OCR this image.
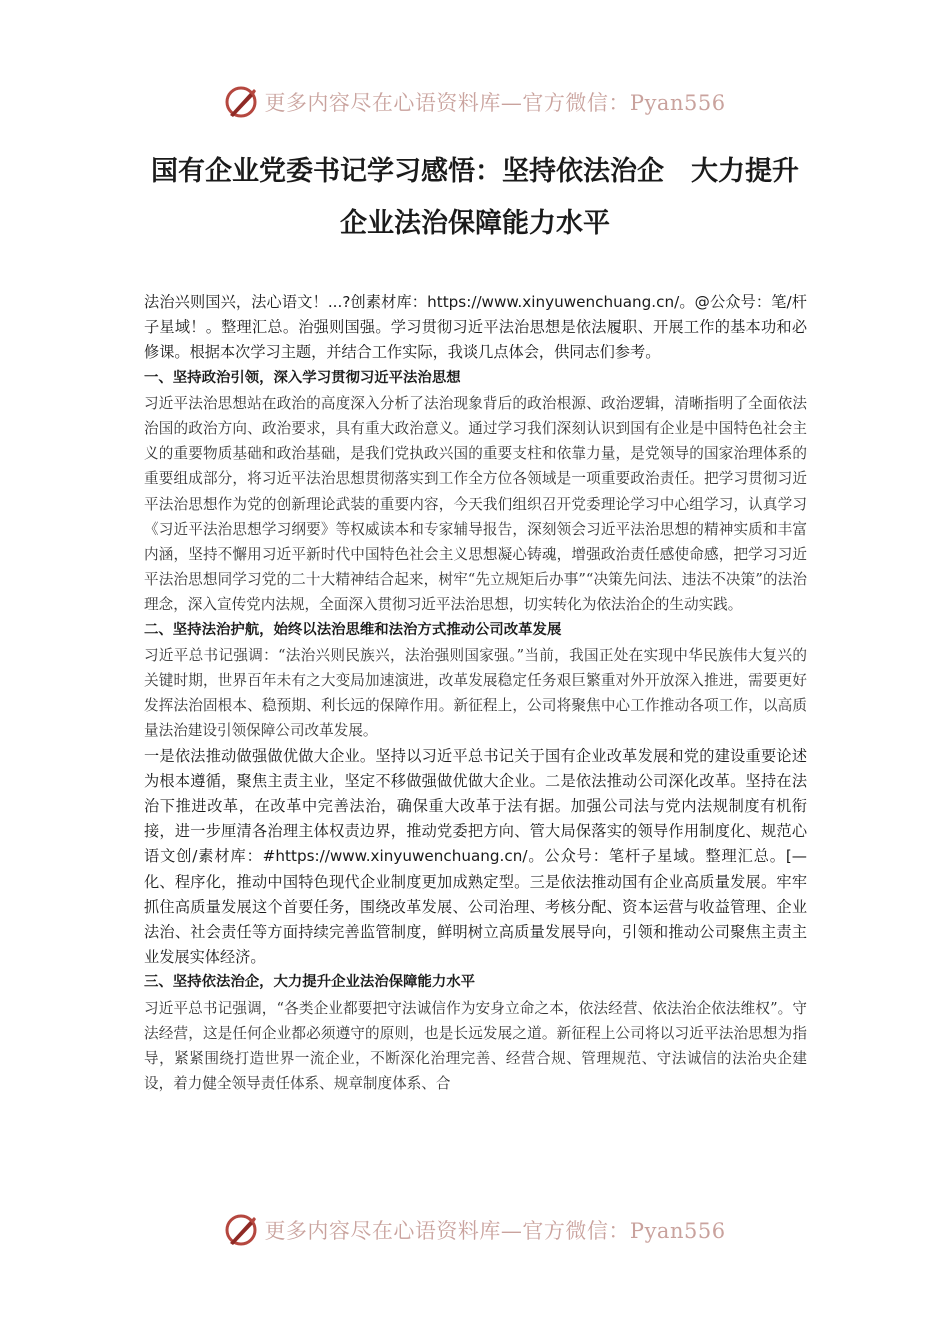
更多内容尽在心语资料库—官方微信：Pyan556
国有企业党委书记学习感悟：坚持依法治企　大力提升企业法治保障能力水平

法治兴则国兴，法心语文！...?创素材库：https://www.xinyuwenchuang.cn/。@公众号：笔/杆子星域！。整理汇总。治强则国强。学习贯彻习近平法治思想是依法履职、开展工作的基本功和必修课。根据本次学习主题，并结合工作实际，我谈几点体会，供同志们参考。

一、坚持政治引领，深入学习贯彻习近平法治思想

习近平法治思想站在政治的高度深入分析了法治现象背后的政治根源、政治逻辑，清晰指明了全面依法治国的政治方向、政治要求，具有重大政治意义。通过学习我们深刻认识到国有企业是中国特色社会主义的重要物质基础和政治基础，是我们党执政兴国的重要支柱和依靠力量，是党领导的国家治理体系的重要组成部分，将习近平法治思想贯彻落实到工作全方位各领域是一项重要政治责任。把学习贯彻习近平法治思想作为党的创新理论武装的重要内容，今天我们组织召开党委理论学习中心组学习，认真学习《习近平法治思想学习纲要》等权威读本和专家辅导报告，深刻领会习近平法治思想的精神实质和丰富内涵，坚持不懈用习近平新时代中国特色社会主义思想凝心铸魂，增强政治责任感使命感，把学习习近平法治思想同学习党的二十大精神结合起来，树牢“先立规矩后办事”“决策先问法、违法不决策”的法治理念，深入宣传党内法规，全面深入贯彻习近平法治思想，切实转化为依法治企的生动实践。

二、坚持法治护航，始终以法治思维和法治方式推动公司改革发展

习近平总书记强调：“法治兴则民族兴，法治强则国家强。”当前，我国正处在实现中华民族伟大复兴的关键时期，世界百年未有之大变局加速演进，改革发展稳定任务艰巨繁重对外开放深入推进，需要更好发挥法治固根本、稳预期、利长远的保障作用。新征程上，公司将聚焦中心工作推动各项工作，以高质量法治建设引领保障公司改革发展。

一是依法推动做强做优做大企业。坚持以习近平总书记关于国有企业改革发展和党的建设重要论述为根本遵循，聚焦主责主业，坚定不移做强做优做大企业。二是依法推动公司深化改革。坚持在法治下推进改革，在改革中完善法治，确保重大改革于法有据。加强公司法与党内法规制度有机衔接，进一步厘清各治理主体权责边界，推动党委把方向、管大局保落实的领导作用制度化、规范心语文创/素材库：#https://www.xinyuwenchuang.cn/。公众号：笔杆子星域。整理汇总。[—化、程序化，推动中国特色现代企业制度更加成熟定型。三是依法推动国有企业高质量发展。牢牢抓住高质量发展这个首要任务，围绕改革发展、公司治理、考核分配、资本运营与收益管理、企业法治、社会责任等方面持续完善监管制度，鲜明树立高质量发展导向，引领和推动公司聚焦主责主业发展实体经济。

三、坚持依法治企，大力提升企业法治保障能力水平

习近平总书记强调，“各类企业都要把守法诚信作为安身立命之本，依法经营、依法治企依法维权”。守法经营，这是任何企业都必须遵守的原则，也是长远发展之道。新征程上公司将以习近平法治思想为指导，紧紧围绕打造世界一流企业，不断深化治理完善、经营合规、管理规范、守法诚信的法治央企建设，着力健全领导责任体系、规章制度体系、合

更多内容尽在心语资料库—官方微信：Pyan556
